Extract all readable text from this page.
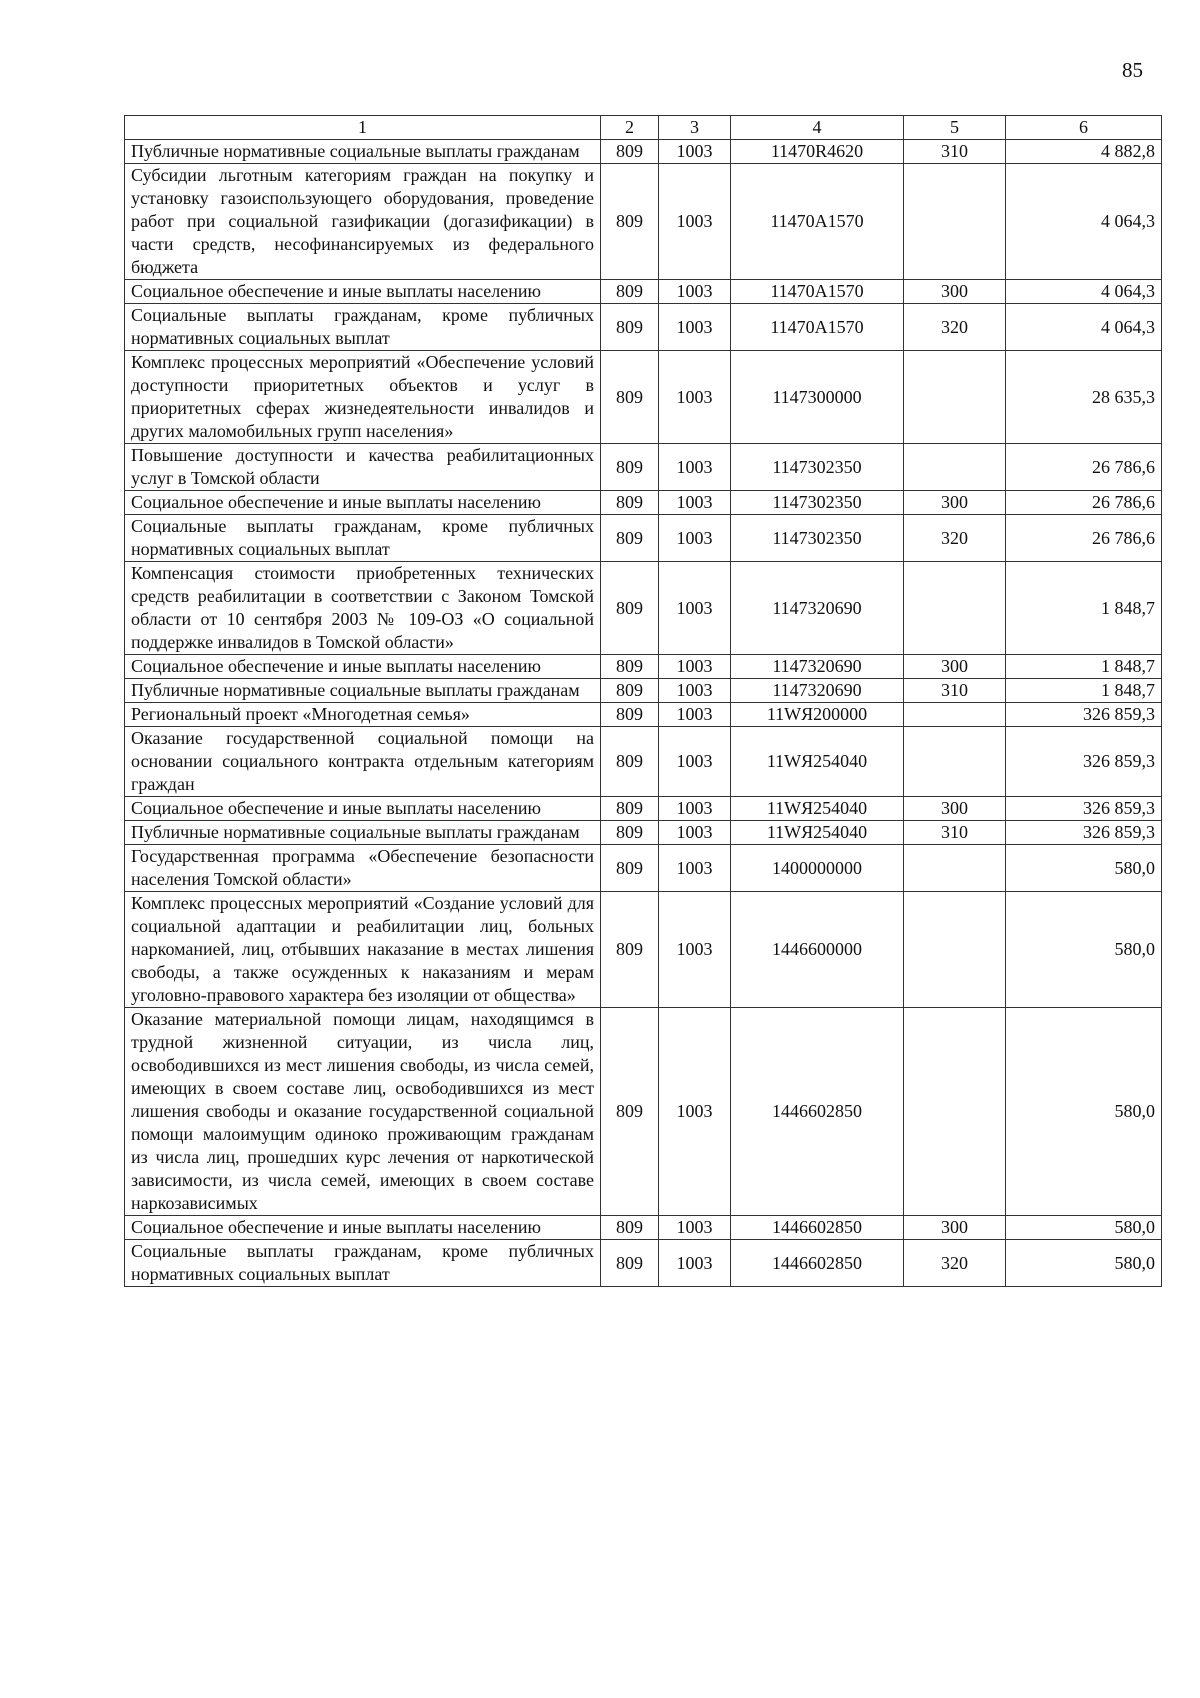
85
1	2	3	4	5	6
Публичные нормативные социальные выплаты гражданам	809	1003	11470R4620	310	4 882,8
Субсидии льготным категориям граждан на покупку и установку газоиспользующего оборудования, проведение работ при социальной газификации (догазификации) в части средств, несофинансируемых из федерального бюджета	809	1003	11470A1570		4 064,3
Социальное обеспечение и иные выплаты населению	809	1003	11470A1570	300	4 064,3
Социальные выплаты гражданам, кроме публичных нормативных социальных выплат	809	1003	11470A1570	320	4 064,3
Комплекс процессных мероприятий «Обеспечение условий доступности приоритетных объектов и услуг в приоритетных сферах жизнедеятельности инвалидов и других маломобильных групп населения»	809	1003	1147300000		28 635,3
Повышение доступности и качества реабилитационных услуг в Томской области	809	1003	1147302350		26 786,6
Социальное обеспечение и иные выплаты населению	809	1003	1147302350	300	26 786,6
Социальные выплаты гражданам, кроме публичных нормативных социальных выплат	809	1003	1147302350	320	26 786,6
Компенсация стоимости приобретенных технических средств реабилитации в соответствии с Законом Томской области от 10 сентября 2003 № 109-ОЗ «О социальной поддержке инвалидов в Томской области»	809	1003	1147320690		1 848,7
Социальное обеспечение и иные выплаты населению	809	1003	1147320690	300	1 848,7
Публичные нормативные социальные выплаты гражданам	809	1003	1147320690	310	1 848,7
Региональный проект «Многодетная семья»	809	1003	11WЯ200000		326 859,3
Оказание государственной социальной помощи на основании социального контракта отдельным категориям граждан	809	1003	11WЯ254040		326 859,3
Социальное обеспечение и иные выплаты населению	809	1003	11WЯ254040	300	326 859,3
Публичные нормативные социальные выплаты гражданам	809	1003	11WЯ254040	310	326 859,3
Государственная программа «Обеспечение безопасности населения Томской области»	809	1003	1400000000		580,0
Комплекс процессных мероприятий «Создание условий для социальной адаптации и реабилитации лиц, больных наркоманией, лиц, отбывших наказание в местах лишения свободы, а также осужденных к наказаниям и мерам уголовно-правового характера без изоляции от общества»	809	1003	1446600000		580,0
Оказание материальной помощи лицам, находящимся в трудной жизненной ситуации, из числа лиц, освободившихся из мест лишения свободы, из числа семей, имеющих в своем составе лиц, освободившихся из мест лишения свободы и оказание государственной социальной помощи малоимущим одиноко проживающим гражданам из числа лиц, прошедших курс лечения от наркотической зависимости, из числа семей, имеющих в своем составе наркозависимых	809	1003	1446602850		580,0
Социальное обеспечение и иные выплаты населению	809	1003	1446602850	300	580,0
Социальные выплаты гражданам, кроме публичных нормативных социальных выплат	809	1003	1446602850	320	580,0
